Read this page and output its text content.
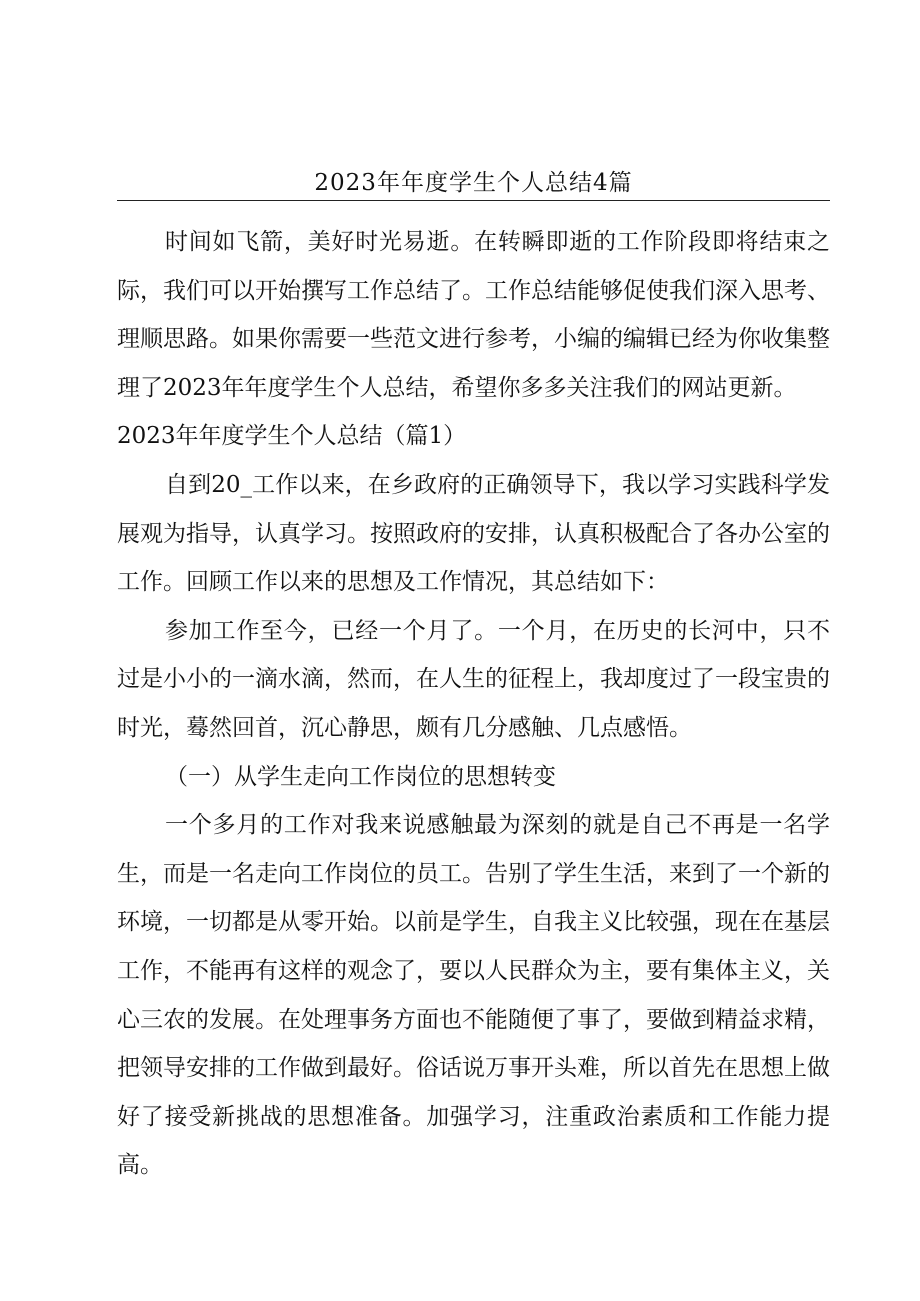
2023年年度学生个人总结4篇

时间如飞箭，美好时光易逝。在转瞬即逝的工作阶段即将结束之际，我们可以开始撰写工作总结了。工作总结能够促使我们深入思考、理顺思路。如果你需要一些范文进行参考，小编的编辑已经为你收集整理了2023年年度学生个人总结，希望你多多关注我们的网站更新。

2023年年度学生个人总结（篇1）

自到20_工作以来，在乡政府的正确领导下，我以学习实践科学发展观为指导，认真学习。按照政府的安排，认真积极配合了各办公室的工作。回顾工作以来的思想及工作情况，其总结如下：

参加工作至今，已经一个月了。一个月，在历史的长河中，只不过是小小的一滴水滴，然而，在人生的征程上，我却度过了一段宝贵的时光，蓦然回首，沉心静思，颇有几分感触、几点感悟。

（一）从学生走向工作岗位的思想转变

一个多月的工作对我来说感触最为深刻的就是自己不再是一名学生，而是一名走向工作岗位的员工。告别了学生生活，来到了一个新的环境，一切都是从零开始。以前是学生，自我主义比较强，现在在基层工作，不能再有这样的观念了，要以人民群众为主，要有集体主义，关心三农的发展。在处理事务方面也不能随便了事了，要做到精益求精，把领导安排的工作做到最好。俗话说万事开头难，所以首先在思想上做好了接受新挑战的思想准备。加强学习，注重政治素质和工作能力提高。
